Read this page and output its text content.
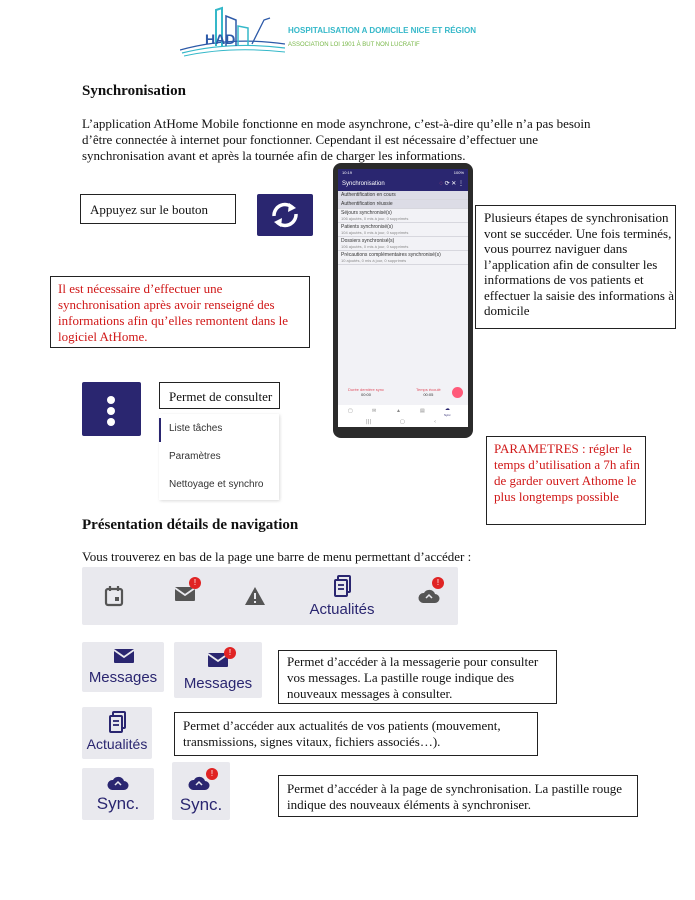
HAD
HOSPITALISATION A DOMICILE NICE ET RÉGION
ASSOCIATION LOI 1901 À BUT NON LUCRATIF
Synchronisation

L’application AtHome Mobile fonctionne en mode asynchrone, c’est-à-dire qu’elle n’a pas besoin d’être connectée à internet pour fonctionner. Cependant il est nécessaire d’effectuer une synchronisation avant et après la tournée afin de charger les informations.

Appuyez sur le bouton
10:19	100%
Synchronisation	◌ ⟳ ✕ ⋮
Authentification en cours
Authentification réussie
Séjours synchronisé(s)
106 ajoutés, 0 mis à jour, 0 supprimés
Patients synchronisé(s)
104 ajoutés, 0 mis à jour, 0 supprimés
Dossiers synchronisé(s)
106 ajoutés, 0 mis à jour, 0 supprimés
Précautions complémentaires synchronisé(s)
10 ajoutés, 0 mis à jour, 0 supprimés
Durée dernière sync
00:00
Temps écoulé
00:05
▢	✉	▲	▤	☁
Sync
|||	▢	‹

Plusieurs étapes de synchronisation vont se succéder. Une fois terminés, vous pourrez naviguer dans l’application afin de consulter les informations de vos patients et effectuer la saisie des informations à domicile

Il est nécessaire d’effectuer une synchronisation après avoir renseigné des informations afin qu’elles remontent dans le logiciel AtHome.

Permet de consulter
Liste tâches
Paramètres
Nettoyage et synchro

PARAMETRES : régler le temps d’utilisation a 7h afin de garder ouvert Athome le plus longtemps possible

Présentation détails de navigation

Vous trouverez en bas de la page une barre de menu permettant d’accéder :

!
Actualités
!
Messages
!
Messages

Permet d’accéder à la messagerie pour consulter vos messages. La pastille rouge indique des nouveaux messages à consulter.

Actualités

Permet d’accéder aux actualités de vos patients (mouvement, transmissions, signes vitaux, fichiers associés…).

Sync.
!
Sync.

Permet d’accéder à la page de synchronisation. La pastille rouge indique des nouveaux éléments à synchroniser.
